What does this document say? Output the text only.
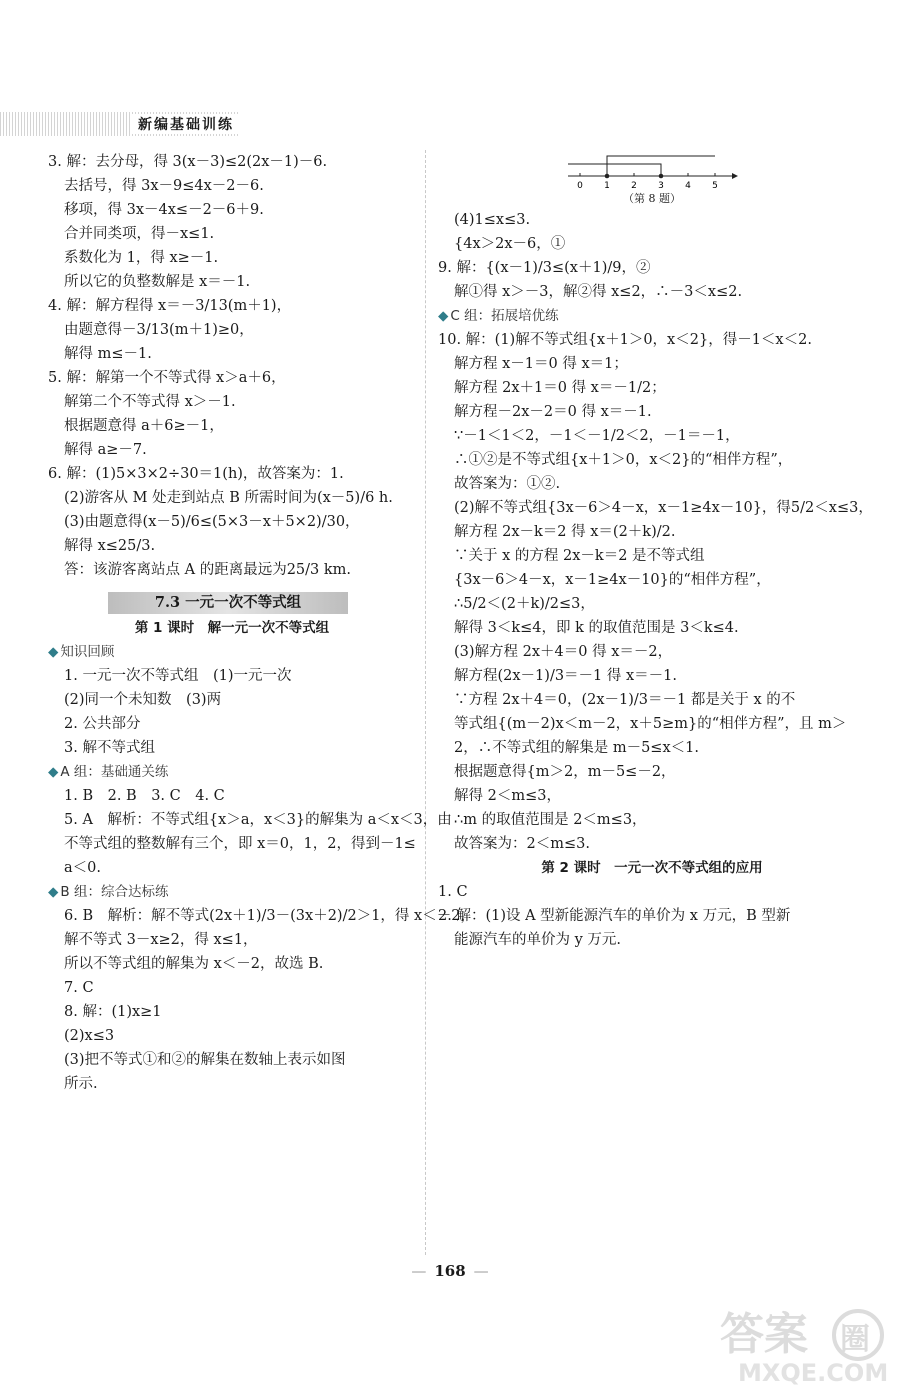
新编基础训练
3. 解：去分母，得 3(x－3)≤2(2x－1)－6.
去括号，得 3x－9≤4x－2－6.
移项，得 3x－4x≤－2－6＋9.
合并同类项，得－x≤1.
系数化为 1，得 x≥－1.
所以它的负整数解是 x＝－1.
4. 解：解方程得 x＝－3/13(m＋1)，
由题意得－3/13(m＋1)≥0，
解得 m≤－1.
5. 解：解第一个不等式得 x＞a＋6，
解第二个不等式得 x＞－1.
根据题意得 a＋6≥－1，
解得 a≥－7.
6. 解：(1)5×3×2÷30＝1(h)，故答案为：1.
(2)游客从 M 处走到站点 B 所需时间为(x－5)/6 h.
(3)由题意得(x－5)/6≤(5×3－x＋5×2)/30，
解得 x≤25/3.
答：该游客离站点 A 的距离最远为25/3 km.
7.3 一元一次不等式组
第 1 课时　解一元一次不等式组
◆ 知识回顾
1. 一元一次不等式组　(1)一元一次
(2)同一个未知数　(3)两
2. 公共部分
3. 解不等式组
◆ A 组：基础通关练
1. B　2. B　3. C　4. C
5. A　解析：不等式组{x＞a，x＜3}的解集为 a＜x＜3，由
不等式组的整数解有三个，即 x＝0，1，2，得到－1≤
a＜0.
◆ B 组：综合达标练
6. B　解析：解不等式(2x＋1)/3－(3x＋2)/2＞1，得 x＜－2，
解不等式 3－x≥2，得 x≤1，
所以不等式组的解集为 x＜－2，故选 B.
7. C
8. 解：(1)x≥1
(2)x≤3
(3)把不等式①和②的解集在数轴上表示如图
所示.
0 1 2 3 4 5
（第 8 题）
(4)1≤x≤3.
{4x＞2x－6，①
9. 解：{(x－1)/3≤(x＋1)/9，②
解①得 x＞－3，解②得 x≤2，∴－3＜x≤2.
◆ C 组：拓展培优练
10. 解：(1)解不等式组{x＋1＞0，x＜2}，得－1＜x＜2.
解方程 x－1＝0 得 x＝1；
解方程 2x＋1＝0 得 x＝－1/2；
解方程－2x－2＝0 得 x＝－1.
∵－1＜1＜2，－1＜－1/2＜2，－1＝－1，
∴①②是不等式组{x＋1＞0，x＜2}的“相伴方程”，
故答案为：①②.
(2)解不等式组{3x－6＞4－x，x－1≥4x－10}，得5/2＜x≤3，
解方程 2x－k＝2 得 x＝(2＋k)/2.
∵关于 x 的方程 2x－k＝2 是不等式组
{3x－6＞4－x，x－1≥4x－10}的“相伴方程”，
∴5/2＜(2＋k)/2≤3，
解得 3＜k≤4，即 k 的取值范围是 3＜k≤4.
(3)解方程 2x＋4＝0 得 x＝－2，
解方程(2x－1)/3＝－1 得 x＝－1.
∵方程 2x＋4＝0，(2x－1)/3＝－1 都是关于 x 的不
等式组{(m－2)x＜m－2，x＋5≥m}的“相伴方程”，且 m＞
2，∴不等式组的解集是 m－5≤x＜1.
根据题意得{m＞2，m－5≤－2，
解得 2＜m≤3，
∴m 的取值范围是 2＜m≤3，
故答案为：2＜m≤3.
第 2 课时　一元一次不等式组的应用
1. C
2. 解：(1)设 A 型新能源汽车的单价为 x 万元，B 型新
能源汽车的单价为 y 万元.
— 168 —
答案 圈
MXQE.COM
